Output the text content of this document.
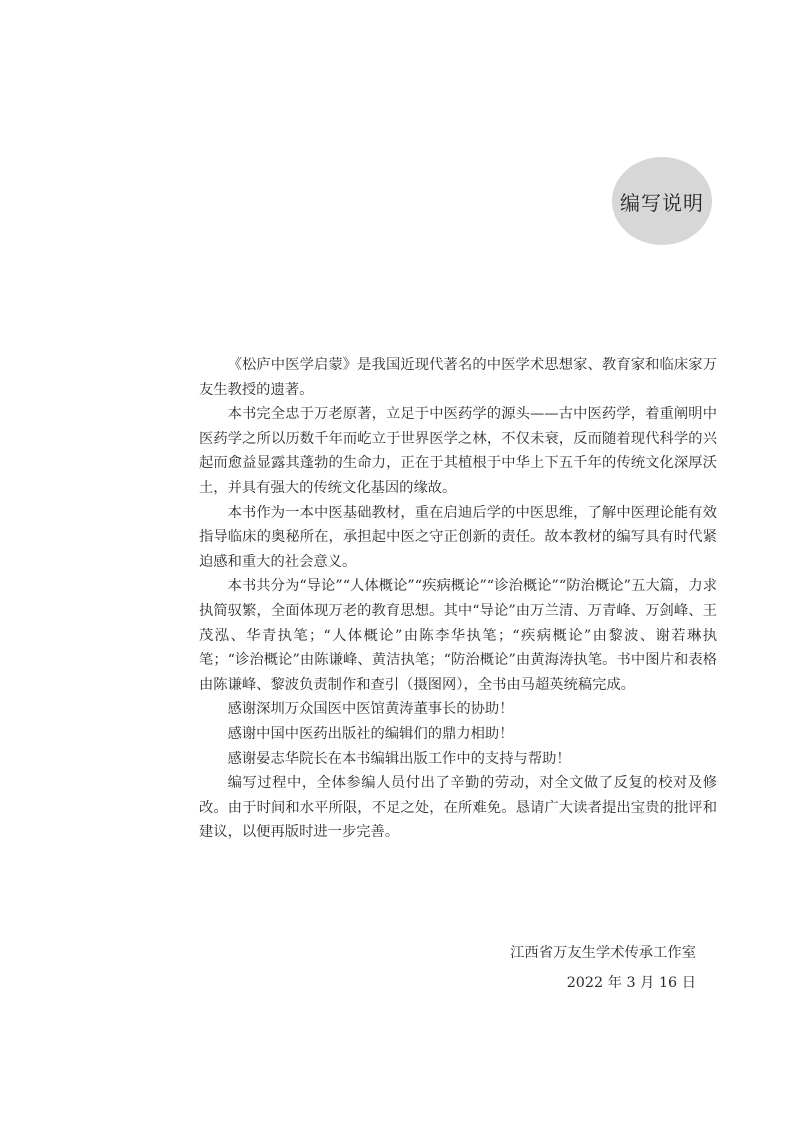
编写说明

《松庐中医学启蒙》是我国近现代著名的中医学术思想家、教育家和临床家万友生教授的遗著。

本书完全忠于万老原著，立足于中医药学的源头——古中医药学，着重阐明中医药学之所以历数千年而屹立于世界医学之林，不仅未衰，反而随着现代科学的兴起而愈益显露其蓬勃的生命力，正在于其植根于中华上下五千年的传统文化深厚沃土，并具有强大的传统文化基因的缘故。

本书作为一本中医基础教材，重在启迪后学的中医思维，了解中医理论能有效指导临床的奥秘所在，承担起中医之守正创新的责任。故本教材的编写具有时代紧迫感和重大的社会意义。

本书共分为“导论”“人体概论”“疾病概论”“诊治概论”“防治概论”五大篇，力求执简驭繁，全面体现万老的教育思想。其中“导论”由万兰清、万青峰、万剑峰、王茂泓、华青执笔；“人体概论”由陈李华执笔；“疾病概论”由黎波、谢若琳执笔；“诊治概论”由陈谦峰、黄洁执笔；“防治概论”由黄海涛执笔。书中图片和表格由陈谦峰、黎波负责制作和查引（摄图网），全书由马超英统稿完成。

感谢深圳万众国医中医馆黄涛董事长的协助！

感谢中国中医药出版社的编辑们的鼎力相助！

感谢晏志华院长在本书编辑出版工作中的支持与帮助！

编写过程中，全体参编人员付出了辛勤的劳动，对全文做了反复的校对及修改。由于时间和水平所限，不足之处，在所难免。恳请广大读者提出宝贵的批评和建议，以便再版时进一步完善。

江西省万友生学术传承工作室
2022 年 3 月 16 日
